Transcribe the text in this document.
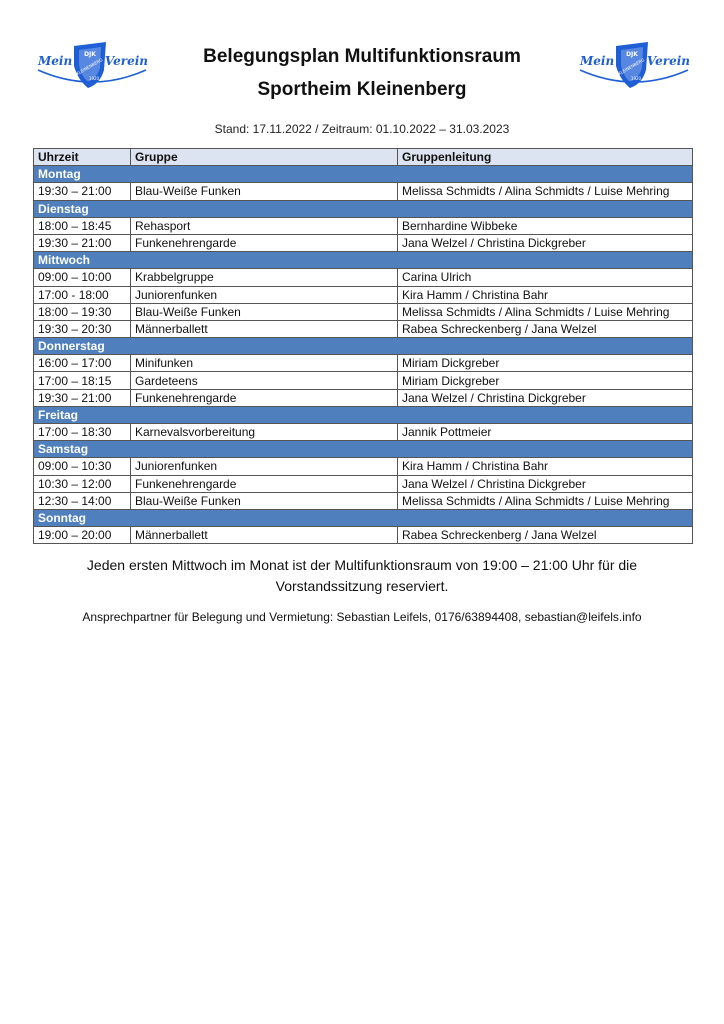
Mein DJK
KLEINENBERG
1920
Verein	Mein DJK
KLEINENBERG
1920
Verein
Belegungsplan Multifunktionsraum
Sportheim Kleinenberg
Stand: 17.11.2022 / Zeitraum: 01.10.2022 – 31.03.2023
Uhrzeit	Gruppe	Gruppenleitung
Montag		
19:30 – 21:00	Blau-Weiße Funken	Melissa Schmidts / Alina Schmidts / Luise Mehring
Dienstag		
18:00 – 18:45	Rehasport	Bernhardine Wibbeke
19:30 – 21:00	Funkenehrengarde	Jana Welzel / Christina Dickgreber
Mittwoch		
09:00 – 10:00	Krabbelgruppe	Carina Ulrich
17:00 - 18:00	Juniorenfunken	Kira Hamm / Christina Bahr
18:00 – 19:30	Blau-Weiße Funken	Melissa Schmidts / Alina Schmidts / Luise Mehring
19:30 – 20:30	Männerballett	Rabea Schreckenberg / Jana Welzel
Donnerstag		
16:00 – 17:00	Minifunken	Miriam Dickgreber
17:00 – 18:15	Gardeteens	Miriam Dickgreber
19:30 – 21:00	Funkenehrengarde	Jana Welzel / Christina Dickgreber
Freitag		
17:00 – 18:30	Karnevalsvorbereitung	Jannik Pottmeier
Samstag		
09:00 – 10:30	Juniorenfunken	Kira Hamm / Christina Bahr
10:30 – 12:00	Funkenehrengarde	Jana Welzel / Christina Dickgreber
12:30 – 14:00	Blau-Weiße Funken	Melissa Schmidts / Alina Schmidts / Luise Mehring
Sonntag		
19:00 – 20:00	Männerballett	Rabea Schreckenberg / Jana Welzel
Jeden ersten Mittwoch im Monat ist der Multifunktionsraum von 19:00 – 21:00 Uhr für die
Vorstandssitzung reserviert.
Ansprechpartner für Belegung und Vermietung: Sebastian Leifels, 0176/63894408, sebastian@leifels.info
